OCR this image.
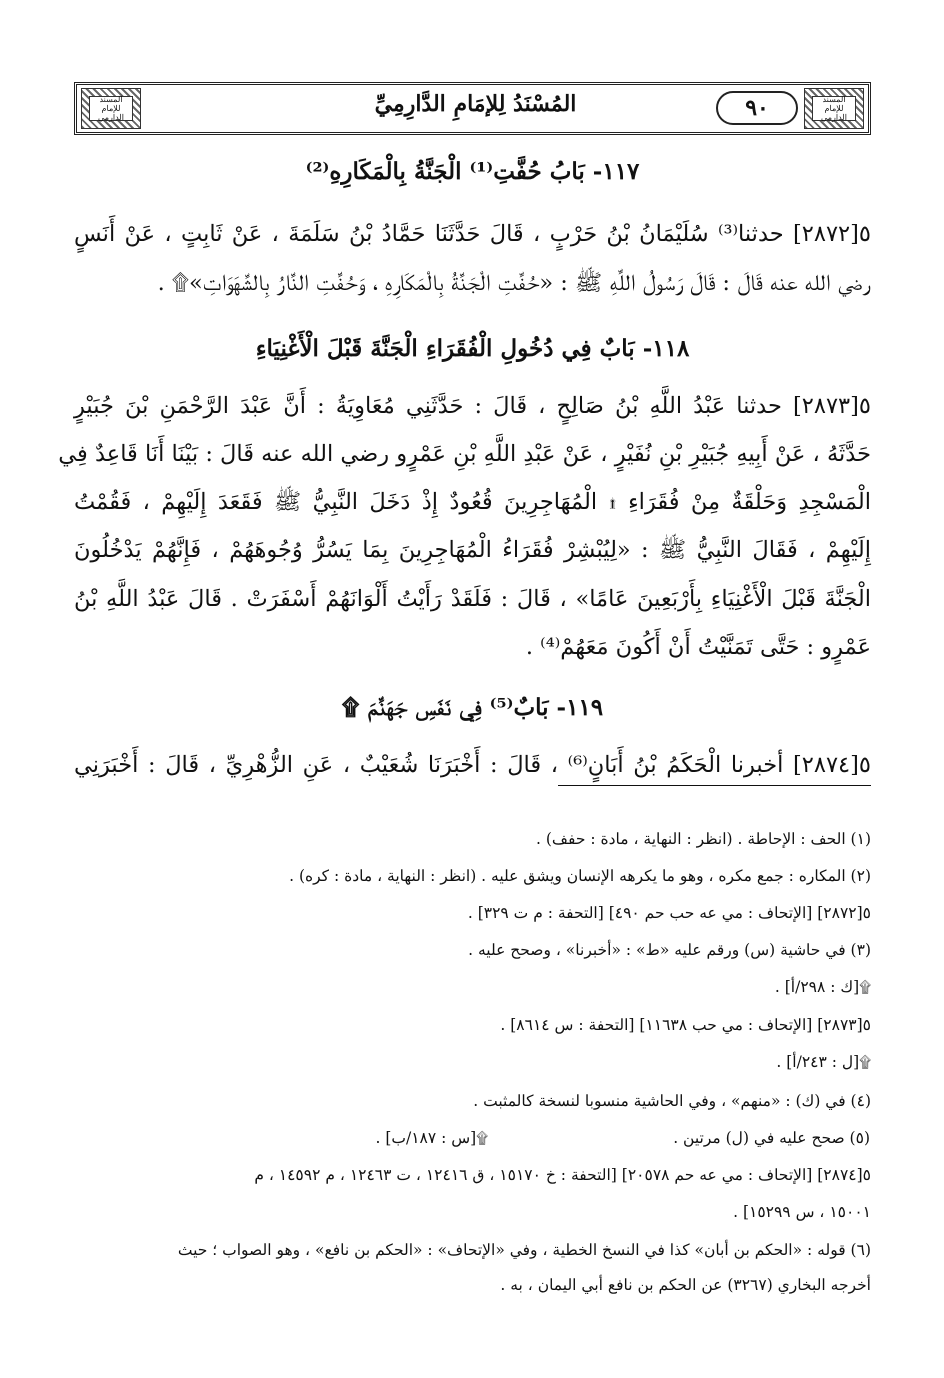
المسند للإمام الدارمي
المُسْنَدُ لِلإمَامِ الدَّارِمِيِّ	٩٠	المسند للإمام الدارمي
١١٧- بَابُ حُفَّتِ⁽¹⁾ الْجَنَّةُ بِالْمَكَارِهِ⁽²⁾
٥[٢٨٧٢] حدثنا⁽³⁾ سُلَيْمَانُ بْنُ حَرْبٍ ، قَالَ حَدَّثَنَا حَمَّادُ بْنُ سَلَمَةَ ، عَنْ ثَابِتٍ ، عَنْ أَنَسٍ
رضي الله عنه قَالَ : قَالَ رَسُولُ اللَّهِ ﷺ : «حُفَّتِ الْجَنَّةُ بِالْمَكَارِهِ ، وَحُفَّتِ النَّارُ بِالشَّهَوَاتِ»۩ .
١١٨- بَابٌ فِي دُخُولِ الْفُقَرَاءِ الْجَنَّةَ قَبْلَ الْأَغْنِيَاءِ
٥[٢٨٧٣] حدثنا عَبْدُ اللَّهِ بْنُ صَالِحٍ ، قَالَ : حَدَّثَنِي مُعَاوِيَةُ : أَنَّ عَبْدَ الرَّحْمَنِ بْنَ جُبَيْرٍ
حَدَّثَهُ ، عَنْ أَبِيهِ جُبَيْرِ بْنِ نُفَيْرٍ ، عَنْ عَبْدِ اللَّهِ بْنِ عَمْرٍو رضي الله عنه قَالَ : بَيْنَا أَنَا قَاعِدٌ فِي
الْمَسْجِدِ وَحَلْقَةٌ مِنْ فُقَرَاءِ ۩ الْمُهَاجِرِينَ قُعُودٌ إِذْ دَخَلَ النَّبِيُّ ﷺ فَقَعَدَ إِلَيْهِمْ ، فَقُمْتُ
إِلَيْهِمْ ، فَقَالَ النَّبِيُّ ﷺ : «لِيُبْشِرْ فُقَرَاءُ الْمُهَاجِرِينَ بِمَا يَسُرُّ وُجُوهَهُمْ ، فَإِنَّهُمْ يَدْخُلُونَ
الْجَنَّةَ قَبْلَ الْأَغْنِيَاءِ بِأَرْبَعِينَ عَامًا» ، قَالَ : فَلَقَدْ رَأَيْتُ أَلْوَانَهُمْ أَسْفَرَتْ . قَالَ عَبْدُ اللَّهِ بْنُ
عَمْرٍو : حَتَّى تَمَنَّيْتُ أَنْ أَكُونَ مَعَهُمْ⁽⁴⁾ .
١١٩- بَابٌ⁽⁵⁾ فِي نَفَسِ جَهَنَّمَ ۩
٥[٢٨٧٤] أخبرنا الْحَكَمُ بْنُ أَبَانٍ⁽⁶⁾ ، قَالَ : أَخْبَرَنَا شُعَيْبٌ ، عَنِ الزُّهْرِيِّ ، قَالَ : أَخْبَرَنِي
(١) الحف : الإحاطة . (انظر : النهاية ، مادة : حفف) .
(٢) المكاره : جمع مكره ، وهو ما يكرهه الإنسان ويشق عليه . (انظر : النهاية ، مادة : كره) .
٥[٢٨٧٢] [الإتحاف : مي عه حب حم ٤٩٠] [التحفة : م ت ٣٢٩] .
(٣) في حاشية (س) ورقم عليه «ط» : «أخبرنا» ، وصحح عليه .
۩[ك : ٢٩٨/أ] .
٥[٢٨٧٣] [الإتحاف : مي حب ١١٦٣٨] [التحفة : س ٨٦١٤] .
۩[ل : ٢٤٣/أ] .
(٤) في (ك) : «منهم» ، وفي الحاشية منسوبا لنسخة كالمثبت .
(٥) صحح عليه في (ل) مرتين .
۩[س : ١٨٧/ب] .
٥[٢٨٧٤] [الإتحاف : مي عه حم ٢٠٥٧٨] [التحفة : خ ١٥١٧٠ ، ق ١٢٤١٦ ، ت ١٢٤٦٣ ، م ١٤٥٩٢ ، م
١٥٠٠١ ، س ١٥٢٩٩] .
(٦) قوله : «الحكم بن أبان» كذا في النسخ الخطية ، وفي «الإتحاف» : «الحكم بن نافع» ، وهو الصواب ؛ حيث
أخرجه البخاري (٣٢٦٧) عن الحكم بن نافع أبي اليمان ، به .
